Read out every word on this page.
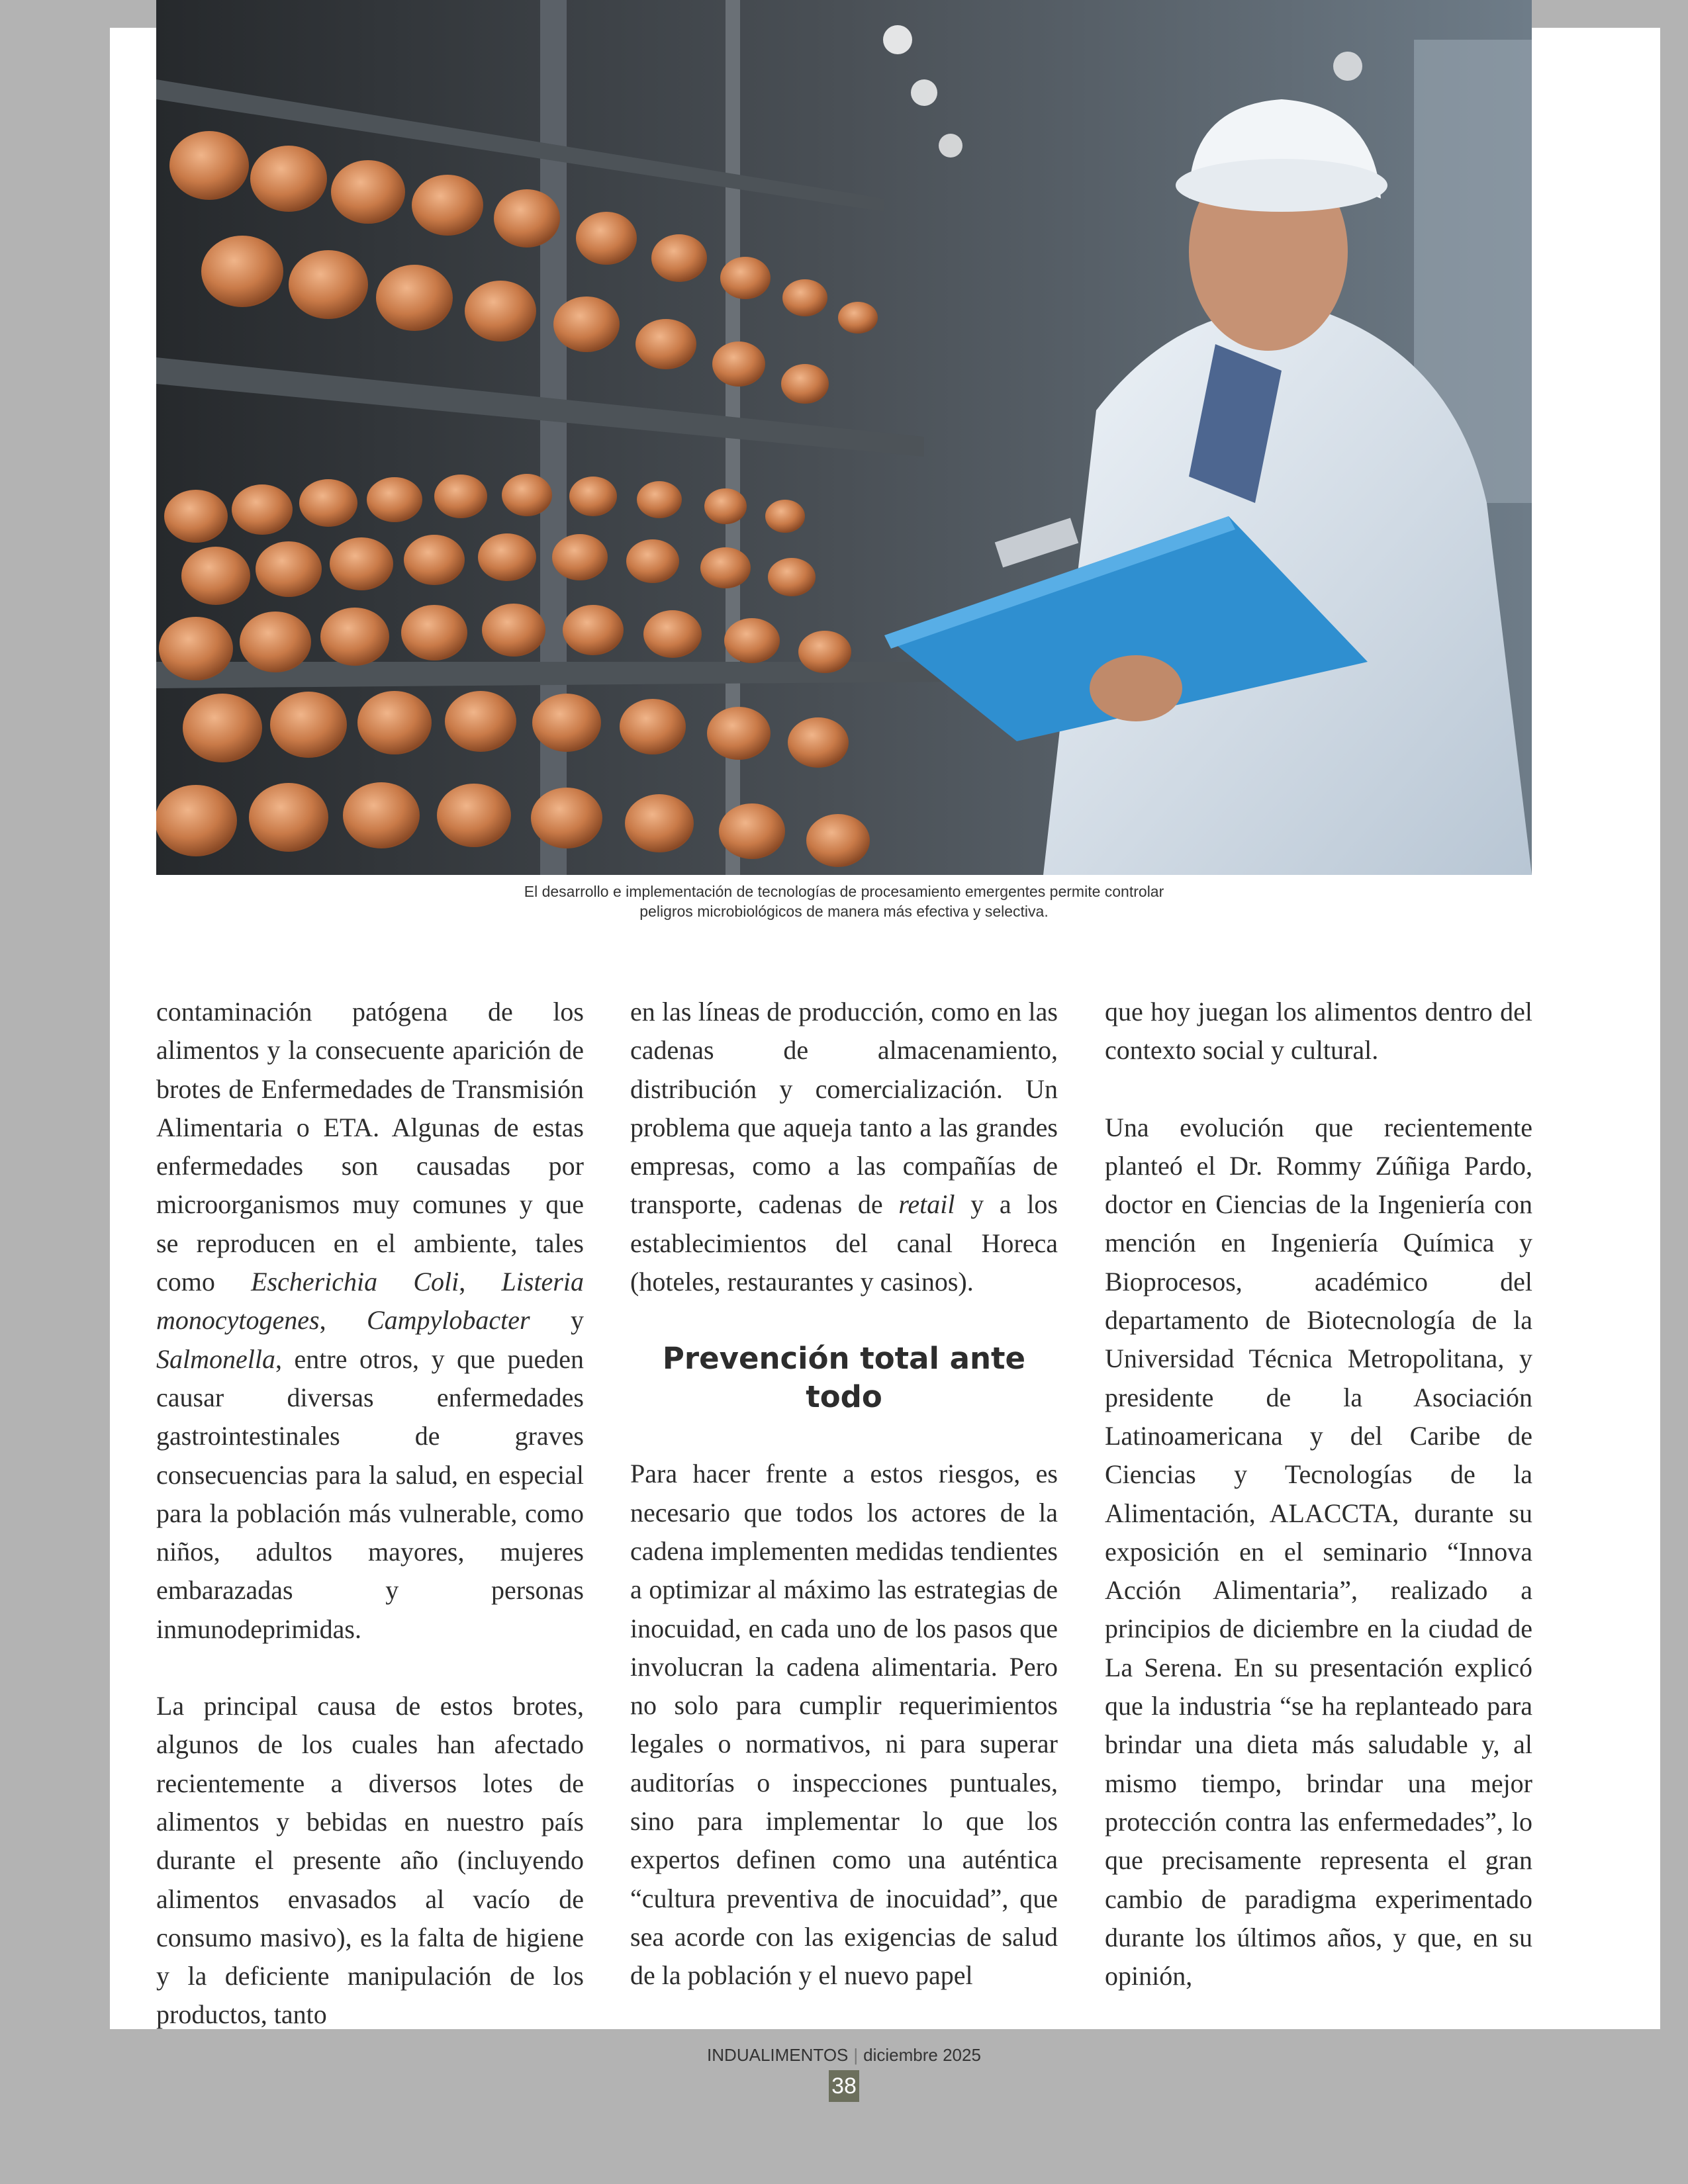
El desarrollo e implementación de tecnologías de procesamiento emergentes permite controlar
peligros microbiológicos de manera más efectiva y selectiva.

contaminación patógena de los alimentos y la consecuente aparición de brotes de Enfermedades de Transmisión Alimentaria o ETA. Algunas de estas enfermedades son causadas por microorganismos muy comunes y que se reproducen en el ambiente, tales como Escherichia Coli, Listeria monocytogenes, Campylobacter y Salmonella, entre otros, y que pueden causar diversas enfermedades gastrointestinales de graves consecuencias para la salud, en especial para la población más vulnerable, como niños, adultos mayores, mujeres embarazadas y personas inmunodeprimidas.

La principal causa de estos brotes, algunos de los cuales han afectado recientemente a diversos lotes de alimentos y bebidas en nuestro país durante el presente año (incluyendo alimentos envasados al vacío de consumo masivo), es la falta de higiene y la deficiente manipulación de los productos, tanto

en las líneas de producción, como en las cadenas de almacenamiento, distribución y comercialización. Un problema que aqueja tanto a las grandes empresas, como a las compañías de transporte, cadenas de retail y a los establecimientos del canal Horeca (hoteles, restaurantes y casinos).

Prevención total ante todo

Para hacer frente a estos riesgos, es necesario que todos los actores de la cadena implementen medidas tendientes a optimizar al máximo las estrategias de inocuidad, en cada uno de los pasos que involucran la cadena alimentaria. Pero no solo para cumplir requerimientos legales o normativos, ni para superar auditorías o inspecciones puntuales, sino para implementar lo que los expertos definen como una auténtica “cultura preventiva de inocuidad”, que sea acorde con las exigencias de salud de la población y el nuevo papel

que hoy juegan los alimentos dentro del contexto social y cultural.

Una evolución que recientemente planteó el Dr. Rommy Zúñiga Pardo, doctor en Ciencias de la Ingeniería con mención en Ingeniería Química y Bioprocesos, académico del departamento de Biotecnología de la Universidad Técnica Metropolitana, y presidente de la Asociación Latinoamericana y del Caribe de Ciencias y Tecnologías de la Alimentación, ALACCTA, durante su exposición en el seminario “Innova Acción Alimentaria”, realizado a principios de diciembre en la ciudad de La Serena. En su presentación explicó que la industria “se ha replanteado para brindar una dieta más saludable y, al mismo tiempo, brindar una mejor protección contra las enfermedades”, lo que precisamente representa el gran cambio de paradigma experimentado durante los últimos años, y que, en su opinión,

INDUALIMENTOS | diciembre 2025
38
